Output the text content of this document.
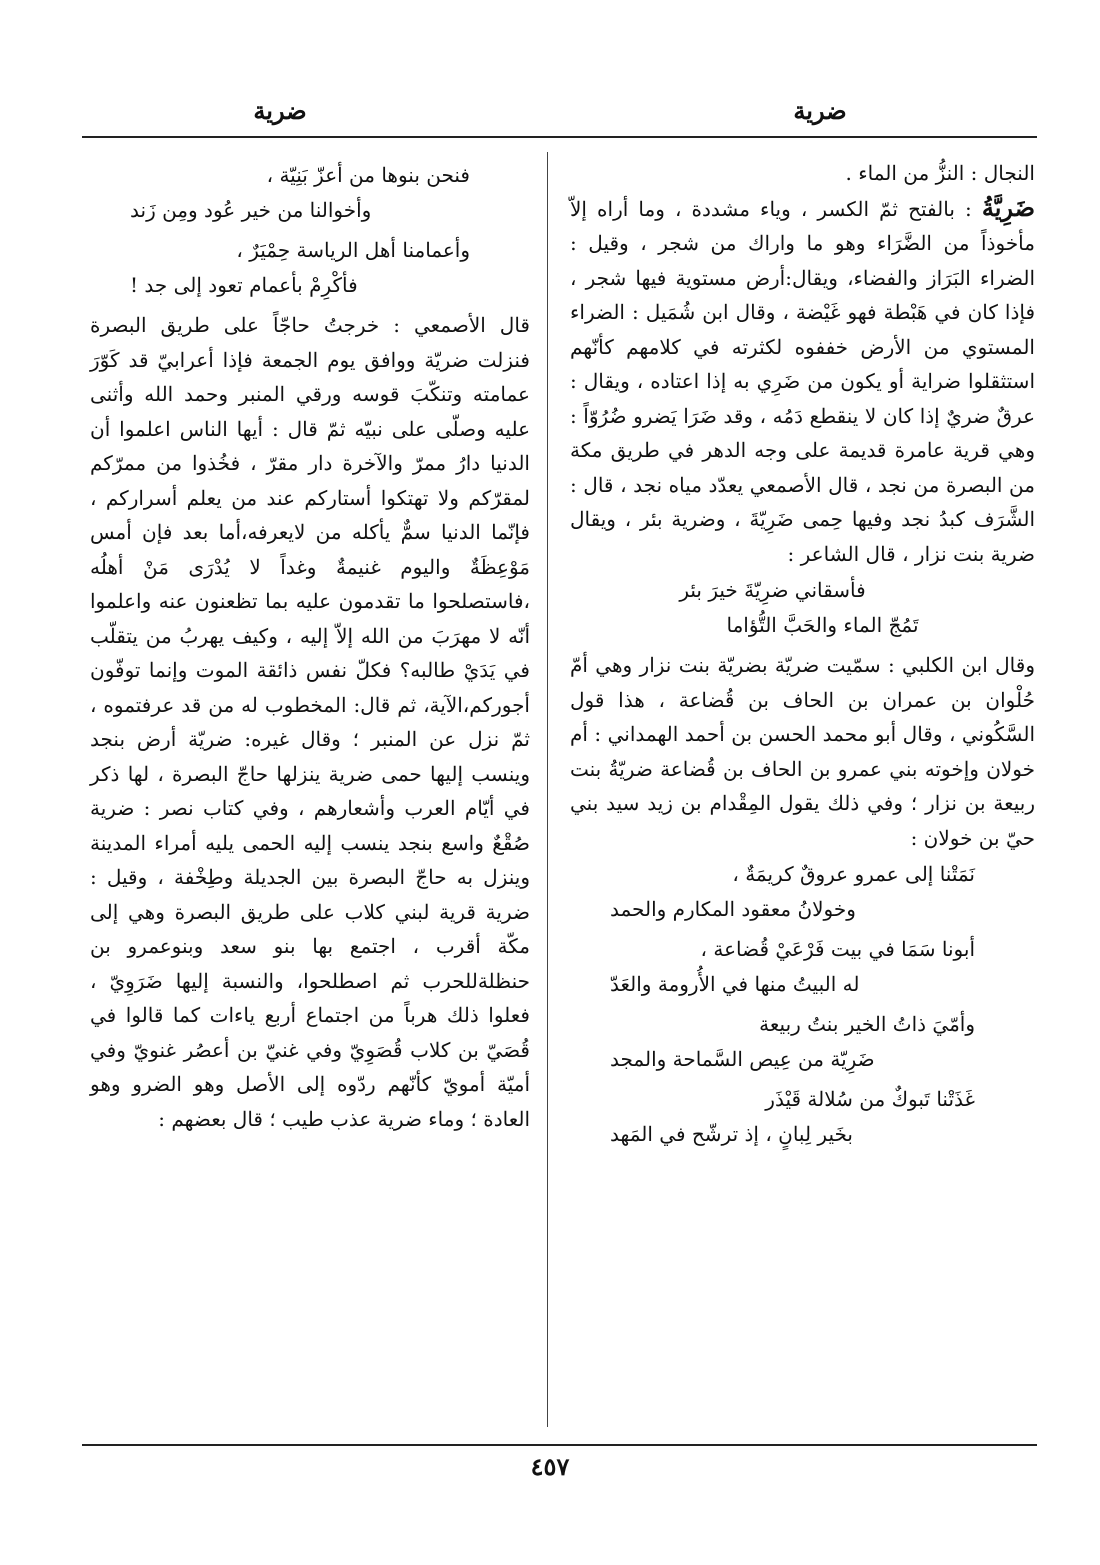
ضرية
ضرية

النجال : النزُّ من الماء .

ضَرِيَّةُ : بالفتح ثمّ الكسر ، وياء مشددة ، وما أراه إلاّ مأخوذاً من الضَّرَاء وهو ما واراك من شجر ، وقيل : الضراء البَرَاز والفضاء، ويقال:أرض مستوية فيها شجر ، فإذا كان في هَبْطة فهو غَيْضة ، وقال ابن شُمَيل : الضراء المستوي من الأرض خففوه لكثرته في كلامهم كأنّهم استثقلوا ضراية أو يكون من ضَرِي به إذا اعتاده ، ويقال : عرقٌ ضريٌ إذا كان لا ينقطع دَمُه ، وقد ضَرَا يَضرو ضُرُوّاً : وهي قرية عامرة قديمة على وجه الدهر في طريق مكة من البصرة من نجد ، قال الأصمعي يعدّد مياه نجد ، قال : الشَّرَف كبدُ نجد وفيها حِمى ضَرِيّةَ ، وضرية بئر ، ويقال ضرية بنت نزار ، قال الشاعر :

فأسقاني ضرِيّةَ خيرَ بئر
تَمُجّ الماء والحَبَّ التُّؤاما

وقال ابن الكلبي : سمّيت ضريّة بضريّة بنت نزار وهي أمّ حُلْوان بن عمران بن الحاف بن قُضاعة ، هذا قول السَّكُوني ، وقال أبو محمد الحسن بن أحمد الهمداني : أم خولان وإخوته بني عمرو بن الحاف بن قُضاعة ضريّةُ بنت ربيعة بن نزار ؛ وفي ذلك يقول المِقْدام بن زيد سيد بني حيّ بن خولان :

نَمَتْنا إلى عمرو عروقٌ كريمَةٌ ،
وخولانُ معقود المكارم والحمد
أبونا سَمَا في بيت فَرْعَيْ قُضاعة ،
له البيتُ منها في الأُرومة والعَدّ
وأمّيَ ذاتُ الخير بنتُ ربيعة
ضَرِيّة من عِيص السَّماحة والمجد
غَذَتْنا تَبوكٌ من سُلالة قَيْذَر
بخَير لِبانٍ ، إذ ترشّح في المَهد
فنحن بنوها من أعزّ بَنِيّة ،
وأخوالنا من خير عُود ومِن زَند
وأعمامنا أهل الرياسة حِمْيَرٌ ،
فأكْرِمْ بأعمام تعود إلى جد !

قال الأصمعي : خرجتُ حاجّاً على طريق البصرة فنزلت ضريّة ووافق يوم الجمعة فإذا أعرابيّ قد كَوّرَ عمامته وتنكّبَ قوسه ورقي المنبر وحمد الله وأثنى عليه وصلّى على نبيّه ثمّ قال : أيها الناس اعلموا أن الدنيا دارُ ممرّ والآخرة دار مقرّ ، فخُذوا من ممرّكم لمقرّكم ولا تهتكوا أستاركم عند من يعلم أسراركم ، فإنّما الدنيا سمٌّ يأكله من لايعرفه،أما بعد فإن أمس مَوْعِظَةٌ واليوم غنيمةٌ وغداً لا يُدْرَى مَنْ أهلُه ،فاستصلحوا ما تقدمون عليه بما تظعنون عنه واعلموا أنّه لا مهرَبَ من الله إلاّ إليه ، وكيف يهربُ من يتقلّب في يَدَيْ طالبه؟ فكلّ نفس ذائقة الموت وإنما توفّون أجوركم،الآية، ثم قال: المخطوب له من قد عرفتموه ، ثمّ نزل عن المنبر ؛ وقال غيره: ضريّة أرض بنجد وينسب إليها حمى ضرية ينزلها حاجّ البصرة ، لها ذكر في أيّام العرب وأشعارهم ، وفي كتاب نصر : ضرية صُقْعٌ واسع بنجد ينسب إليه الحمى يليه أمراء المدينة وينزل به حاجّ البصرة بين الجديلة وطِخْفة ، وقيل : ضرية قرية لبني كلاب على طريق البصرة وهي إلى مكّة أقرب ، اجتمع بها بنو سعد وبنوعمرو بن حنظلةللحرب ثم اصطلحوا، والنسبة إليها ضَرَوِيّ ، فعلوا ذلك هرباً من اجتماع أربع ياءات كما قالوا في قُصَيّ بن كلاب قُصَوِيّ وفي غنيّ بن أعصُر غنويّ وفي أميّة أمويّ كأنّهم ردّوه إلى الأصل وهو الضرو وهو العادة ؛ وماء ضرية عذب طيب ؛ قال بعضهم :

٤٥٧
